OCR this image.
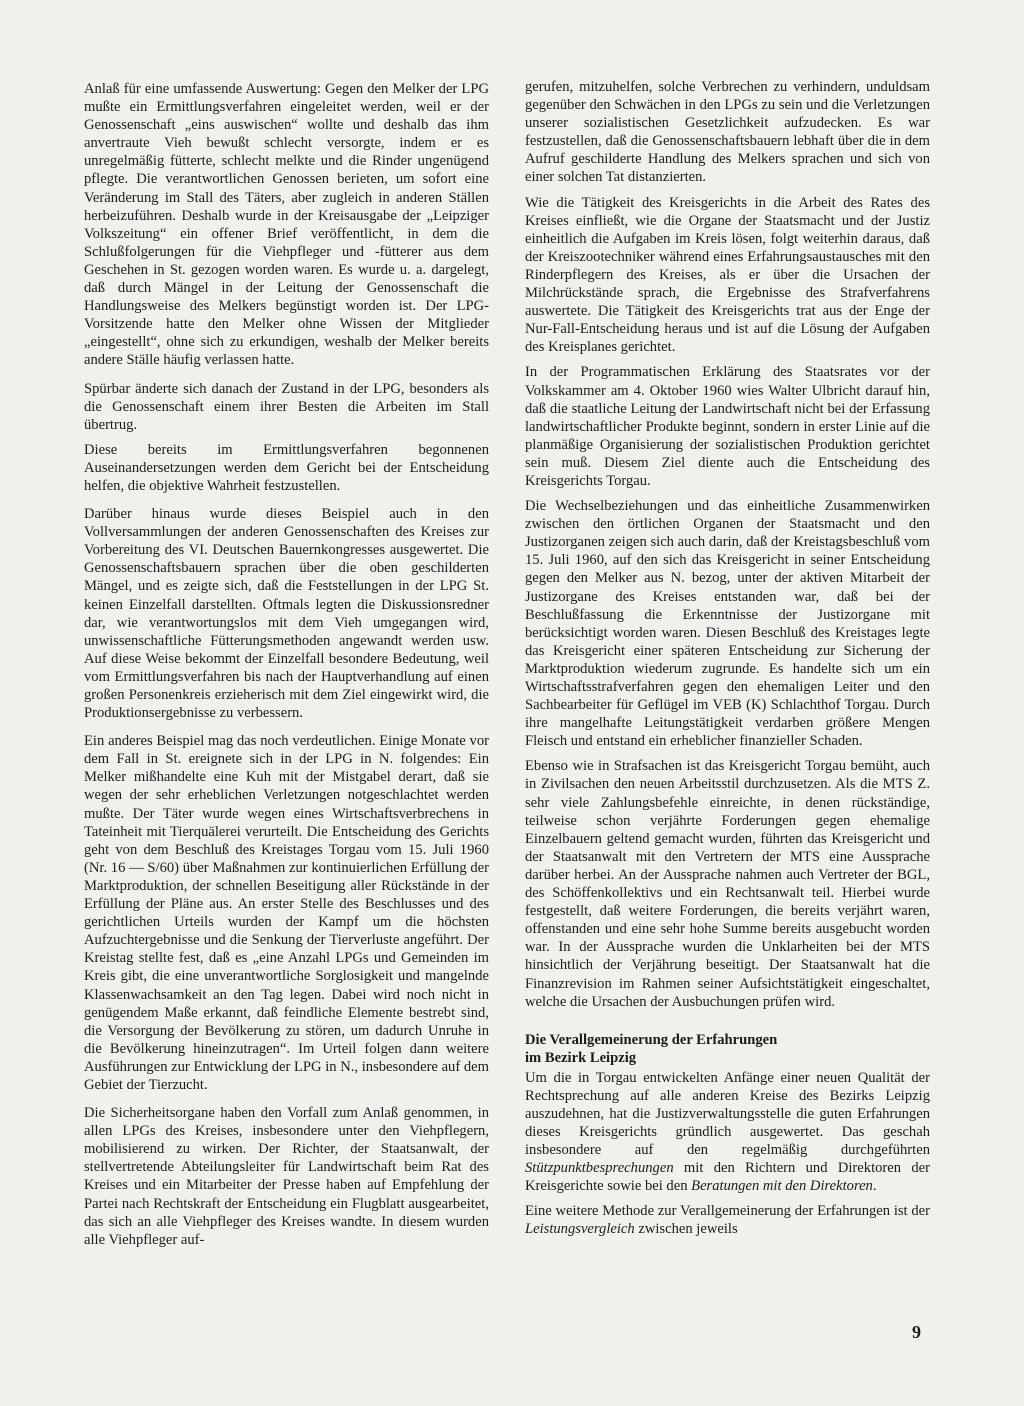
Anlaß für eine umfassende Auswertung: Gegen den Melker der LPG mußte ein Ermittlungsverfahren eingeleitet werden, weil er der Genossenschaft „eins auswischen“ wollte und deshalb das ihm anvertraute Vieh bewußt schlecht versorgte, indem er es unregelmäßig fütterte, schlecht melkte und die Rinder ungenügend pflegte. Die verantwortlichen Genossen berieten, um sofort eine Veränderung im Stall des Täters, aber zugleich in anderen Ställen herbeizuführen. Deshalb wurde in der Kreisausgabe der „Leipziger Volkszeitung“ ein offener Brief veröffentlicht, in dem die Schlußfolgerungen für die Viehpfleger und -fütterer aus dem Geschehen in St. gezogen worden waren. Es wurde u. a. dargelegt, daß durch Mängel in der Leitung der Genossenschaft die Handlungsweise des Melkers begünstigt worden ist. Der LPG-Vorsitzende hatte den Melker ohne Wissen der Mitglieder „eingestellt“, ohne sich zu erkundigen, weshalb der Melker bereits andere Ställe häufig verlassen hatte.

Spürbar änderte sich danach der Zustand in der LPG, besonders als die Genossenschaft einem ihrer Besten die Arbeiten im Stall übertrug.

Diese bereits im Ermittlungsverfahren begonnenen Auseinandersetzungen werden dem Gericht bei der Entscheidung helfen, die objektive Wahrheit festzustellen.

Darüber hinaus wurde dieses Beispiel auch in den Vollversammlungen der anderen Genossenschaften des Kreises zur Vorbereitung des VI. Deutschen Bauernkongresses ausgewertet. Die Genossenschaftsbauern sprachen über die oben geschilderten Mängel, und es zeigte sich, daß die Feststellungen in der LPG St. keinen Einzelfall darstellten. Oftmals legten die Diskussionsredner dar, wie verantwortungslos mit dem Vieh umgegangen wird, unwissenschaftliche Fütterungsmethoden angewandt werden usw. Auf diese Weise bekommt der Einzelfall besondere Bedeutung, weil vom Ermittlungsverfahren bis nach der Hauptverhandlung auf einen großen Personenkreis erzieherisch mit dem Ziel eingewirkt wird, die Produktionsergebnisse zu verbessern.

Ein anderes Beispiel mag das noch verdeutlichen. Einige Monate vor dem Fall in St. ereignete sich in der LPG in N. folgendes: Ein Melker mißhandelte eine Kuh mit der Mistgabel derart, daß sie wegen der sehr erheblichen Verletzungen notgeschlachtet werden mußte. Der Täter wurde wegen eines Wirtschaftsverbrechens in Tateinheit mit Tierquälerei verurteilt. Die Entscheidung des Gerichts geht von dem Beschluß des Kreistages Torgau vom 15. Juli 1960 (Nr. 16 — S/60) über Maßnahmen zur kontinuierlichen Erfüllung der Marktproduktion, der schnellen Beseitigung aller Rückstände in der Erfüllung der Pläne aus. An erster Stelle des Beschlusses und des gerichtlichen Urteils wurden der Kampf um die höchsten Aufzuchtergebnisse und die Senkung der Tierverluste angeführt. Der Kreistag stellte fest, daß es „eine Anzahl LPGs und Gemeinden im Kreis gibt, die eine unverantwortliche Sorglosigkeit und mangelnde Klassenwachsamkeit an den Tag legen. Dabei wird noch nicht in genügendem Maße erkannt, daß feindliche Elemente bestrebt sind, die Versorgung der Bevölkerung zu stören, um dadurch Unruhe in die Bevölkerung hineinzutragen“. Im Urteil folgen dann weitere Ausführungen zur Entwicklung der LPG in N., insbesondere auf dem Gebiet der Tierzucht.

Die Sicherheitsorgane haben den Vorfall zum Anlaß genommen, in allen LPGs des Kreises, insbesondere unter den Viehpflegern, mobilisierend zu wirken. Der Richter, der Staatsanwalt, der stellvertretende Abteilungsleiter für Landwirtschaft beim Rat des Kreises und ein Mitarbeiter der Presse haben auf Empfehlung der Partei nach Rechtskraft der Entscheidung ein Flugblatt ausgearbeitet, das sich an alle Viehpfleger des Kreises wandte. In diesem wurden alle Viehpfleger auf-

gerufen, mitzuhelfen, solche Verbrechen zu verhindern, unduldsam gegenüber den Schwächen in den LPGs zu sein und die Verletzungen unserer sozialistischen Gesetzlichkeit aufzudecken. Es war festzustellen, daß die Genossenschaftsbauern lebhaft über die in dem Aufruf geschilderte Handlung des Melkers sprachen und sich von einer solchen Tat distanzierten.

Wie die Tätigkeit des Kreisgerichts in die Arbeit des Rates des Kreises einfließt, wie die Organe der Staatsmacht und der Justiz einheitlich die Aufgaben im Kreis lösen, folgt weiterhin daraus, daß der Kreiszootechniker während eines Erfahrungsaustausches mit den Rinderpflegern des Kreises, als er über die Ursachen der Milchrückstände sprach, die Ergebnisse des Strafverfahrens auswertete. Die Tätigkeit des Kreisgerichts trat aus der Enge der Nur-Fall-Entscheidung heraus und ist auf die Lösung der Aufgaben des Kreisplanes gerichtet.

In der Programmatischen Erklärung des Staatsrates vor der Volkskammer am 4. Oktober 1960 wies Walter Ulbricht darauf hin, daß die staatliche Leitung der Landwirtschaft nicht bei der Erfassung landwirtschaftlicher Produkte beginnt, sondern in erster Linie auf die planmäßige Organisierung der sozialistischen Produktion gerichtet sein muß. Diesem Ziel diente auch die Entscheidung des Kreisgerichts Torgau.

Die Wechselbeziehungen und das einheitliche Zusammenwirken zwischen den örtlichen Organen der Staatsmacht und den Justizorganen zeigen sich auch darin, daß der Kreistagsbeschluß vom 15. Juli 1960, auf den sich das Kreisgericht in seiner Entscheidung gegen den Melker aus N. bezog, unter der aktiven Mitarbeit der Justizorgane des Kreises entstanden war, daß bei der Beschlußfassung die Erkenntnisse der Justizorgane mit berücksichtigt worden waren. Diesen Beschluß des Kreistages legte das Kreisgericht einer späteren Entscheidung zur Sicherung der Marktproduktion wiederum zugrunde. Es handelte sich um ein Wirtschaftsstrafverfahren gegen den ehemaligen Leiter und den Sachbearbeiter für Geflügel im VEB (K) Schlachthof Torgau. Durch ihre mangelhafte Leitungstätigkeit verdarben größere Mengen Fleisch und entstand ein erheblicher finanzieller Schaden.

Ebenso wie in Strafsachen ist das Kreisgericht Torgau bemüht, auch in Zivilsachen den neuen Arbeitsstil durchzusetzen. Als die MTS Z. sehr viele Zahlungsbefehle einreichte, in denen rückständige, teilweise schon verjährte Forderungen gegen ehemalige Einzelbauern geltend gemacht wurden, führten das Kreisgericht und der Staatsanwalt mit den Vertretern der MTS eine Aussprache darüber herbei. An der Aussprache nahmen auch Vertreter der BGL, des Schöffenkollektivs und ein Rechtsanwalt teil. Hierbei wurde festgestellt, daß weitere Forderungen, die bereits verjährt waren, offenstanden und eine sehr hohe Summe bereits ausgebucht worden war. In der Aussprache wurden die Unklarheiten bei der MTS hinsichtlich der Verjährung beseitigt. Der Staatsanwalt hat die Finanzrevision im Rahmen seiner Aufsichtstätigkeit eingeschaltet, welche die Ursachen der Ausbuchungen prüfen wird.

Die Verallgemeinerung der Erfahrungen
im Bezirk Leipzig

Um die in Torgau entwickelten Anfänge einer neuen Qualität der Rechtsprechung auf alle anderen Kreise des Bezirks Leipzig auszudehnen, hat die Justizverwaltungsstelle die guten Erfahrungen dieses Kreisgerichts gründlich ausgewertet. Das geschah insbesondere auf den regelmäßig durchgeführten Stützpunktbesprechungen mit den Richtern und Direktoren der Kreisgerichte sowie bei den Beratungen mit den Direktoren.

Eine weitere Methode zur Verallgemeinerung der Erfahrungen ist der Leistungsvergleich zwischen jeweils

9
